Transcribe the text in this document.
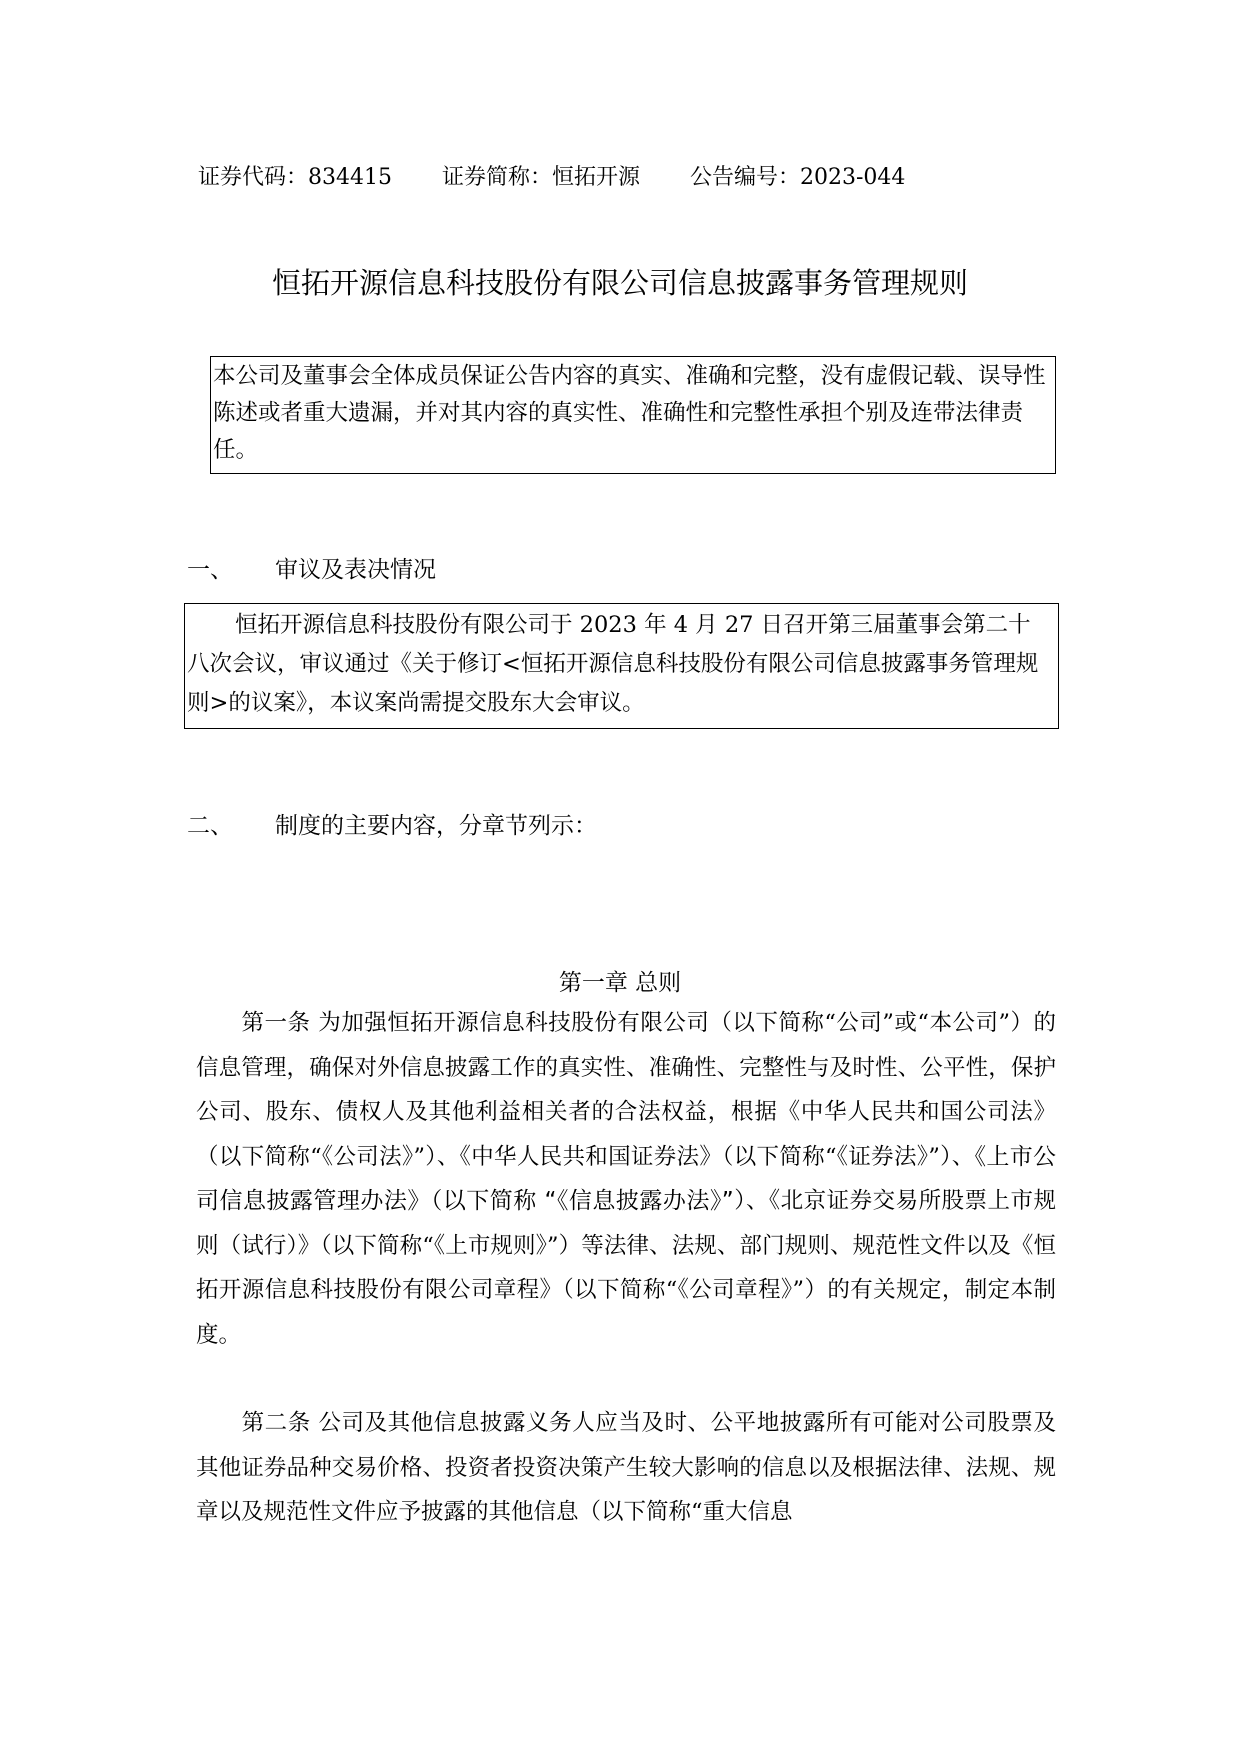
证券代码：834415 证券简称：恒拓开源 公告编号：2023-044
恒拓开源信息科技股份有限公司信息披露事务管理规则
本公司及董事会全体成员保证公告内容的真实、准确和完整，没有虚假记载、误导性陈述或者重大遗漏，并对其内容的真实性、准确性和完整性承担个别及连带法律责任。
一、 审议及表决情况
恒拓开源信息科技股份有限公司于 2023 年 4 月 27 日召开第三届董事会第二十八次会议，审议通过《关于修订<恒拓开源信息科技股份有限公司信息披露事务管理规则>的议案》，本议案尚需提交股东大会审议。
二、 制度的主要内容，分章节列示：
第一章 总则
第一条 为加强恒拓开源信息科技股份有限公司（以下简称“公司”或“本公司”）的信息管理，确保对外信息披露工作的真实性、准确性、完整性与及时性、公平性，保护公司、股东、债权人及其他利益相关者的合法权益，根据《中华人民共和国公司法》（以下简称“《公司法》”）、《中华人民共和国证券法》（以下简称“《证券法》”）、《上市公司信息披露管理办法》（以下简称 “《信息披露办法》”）、《北京证券交易所股票上市规则（试行）》（以下简称“《上市规则》”）等法律、法规、部门规则、规范性文件以及《恒拓开源信息科技股份有限公司章程》（以下简称“《公司章程》”）的有关规定，制定本制度。
第二条 公司及其他信息披露义务人应当及时、公平地披露所有可能对公司股票及其他证券品种交易价格、投资者投资决策产生较大影响的信息以及根据法律、法规、规章以及规范性文件应予披露的其他信息（以下简称“重大信息
